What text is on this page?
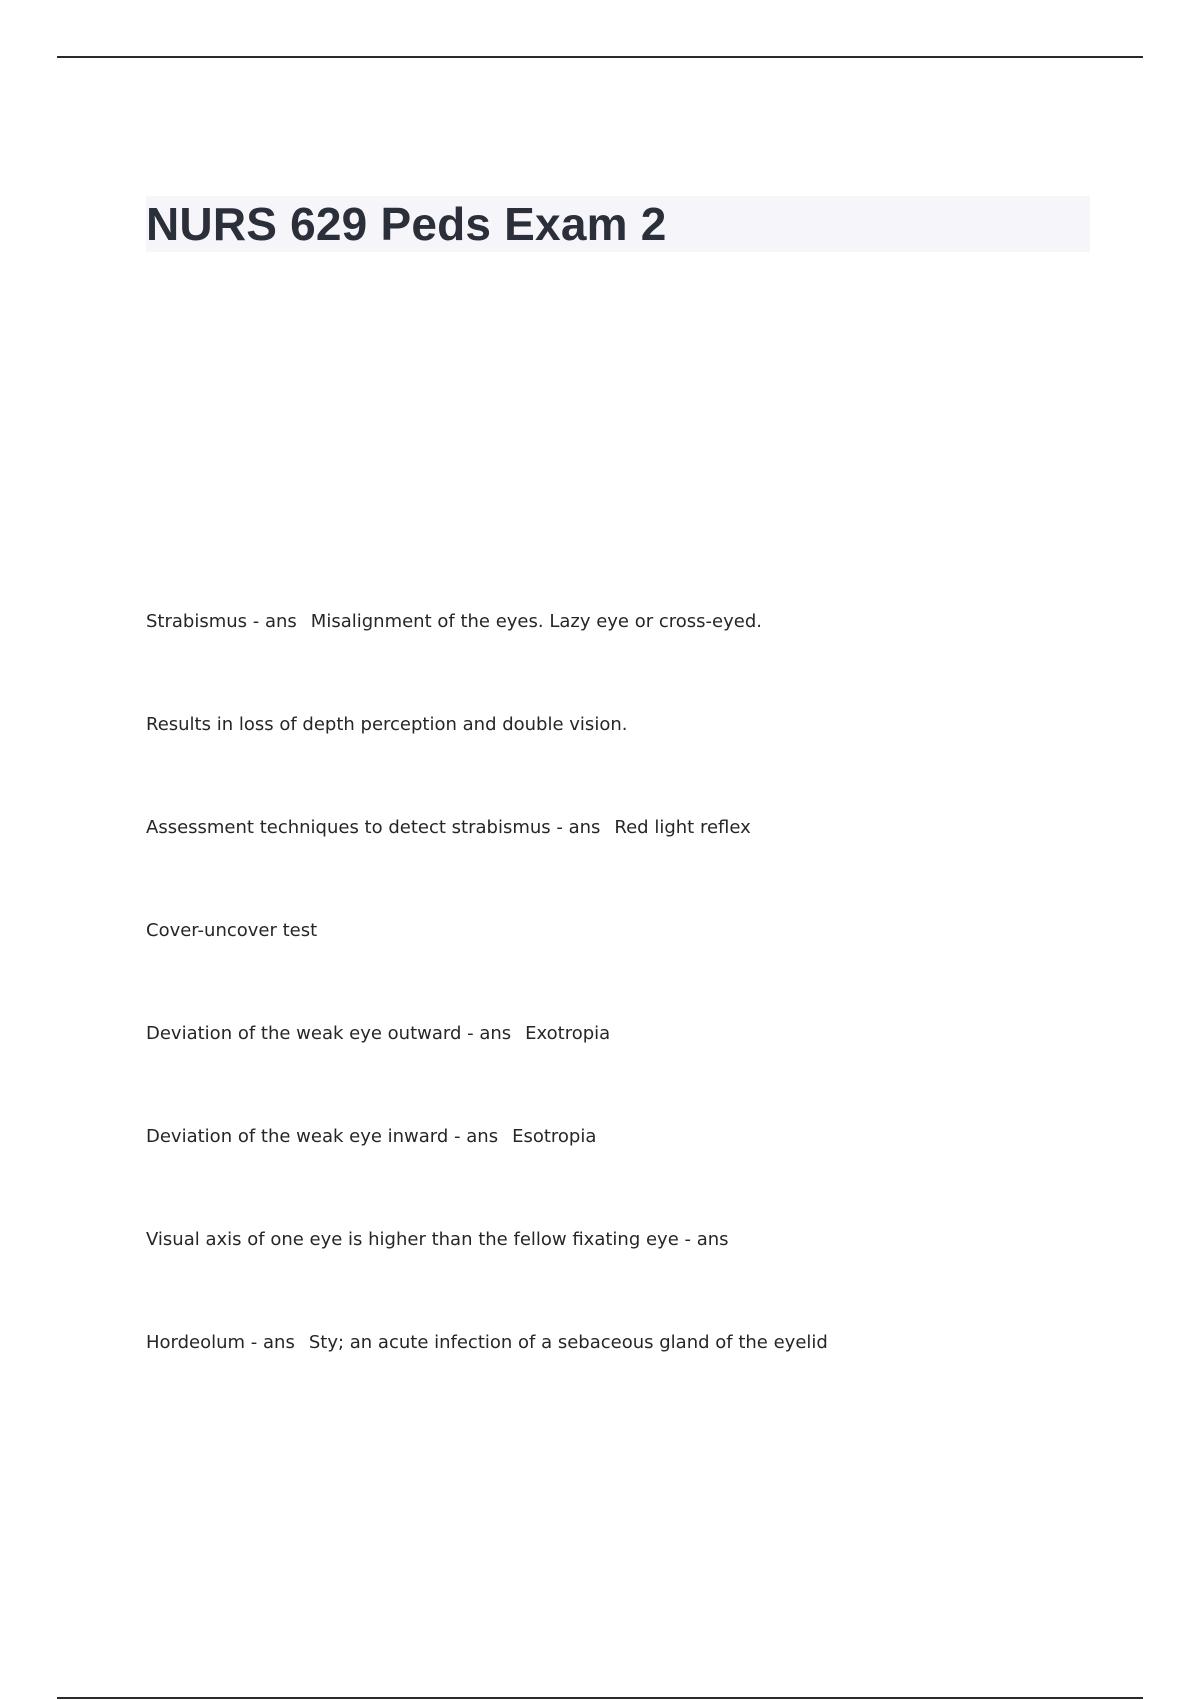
NURS 629 Peds Exam 2
Strabismus - ans Misalignment of the eyes. Lazy eye or cross-eyed.
Results in loss of depth perception and double vision.
Assessment techniques to detect strabismus - ans Red light reflex
Cover-uncover test
Deviation of the weak eye outward - ans Exotropia
Deviation of the weak eye inward - ans Esotropia
Visual axis of one eye is higher than the fellow fixating eye - ans
Hordeolum - ans Sty; an acute infection of a sebaceous gland of the eyelid
